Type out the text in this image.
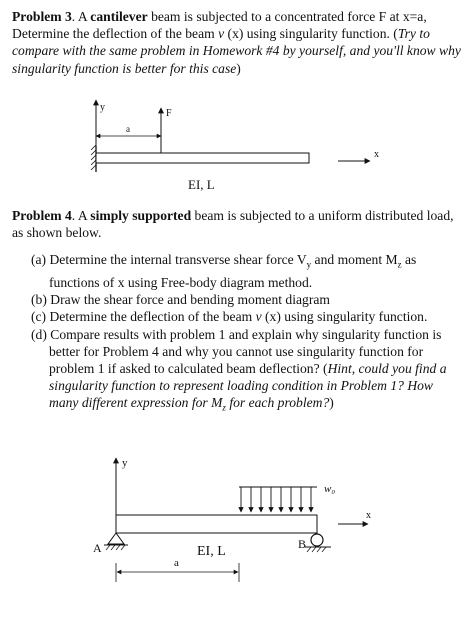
Problem 3. A cantilever beam is subjected to a concentrated force F at x=a, Determine the deflection of the beam v (x) using singularity function. (Try to compare with the same problem in Homework #4 by yourself, and you'll know why singularity function is better for this case)
y
F
a
x
EI, L
Problem 4. A simply supported beam is subjected to a uniform distributed load, as shown below.
(a) Determine the internal transverse shear force $V_y$ and moment $M_z$ as functions of x using Free-body diagram method.
(b) Draw the shear force and bending moment diagram
(c) Determine the deflection of the beam v (x) using singularity function.
(d) Compare results with problem 1 and explain why singularity function is better for Problem 4 and why you cannot use singularity function for problem 1 if asked to calculated beam deflection? (Hint, could you find a singularity function to represent loading condition in Problem 1? How many different expression for $M_z$ for each problem?)
y
w₀
x
A	B
EI, L
a
